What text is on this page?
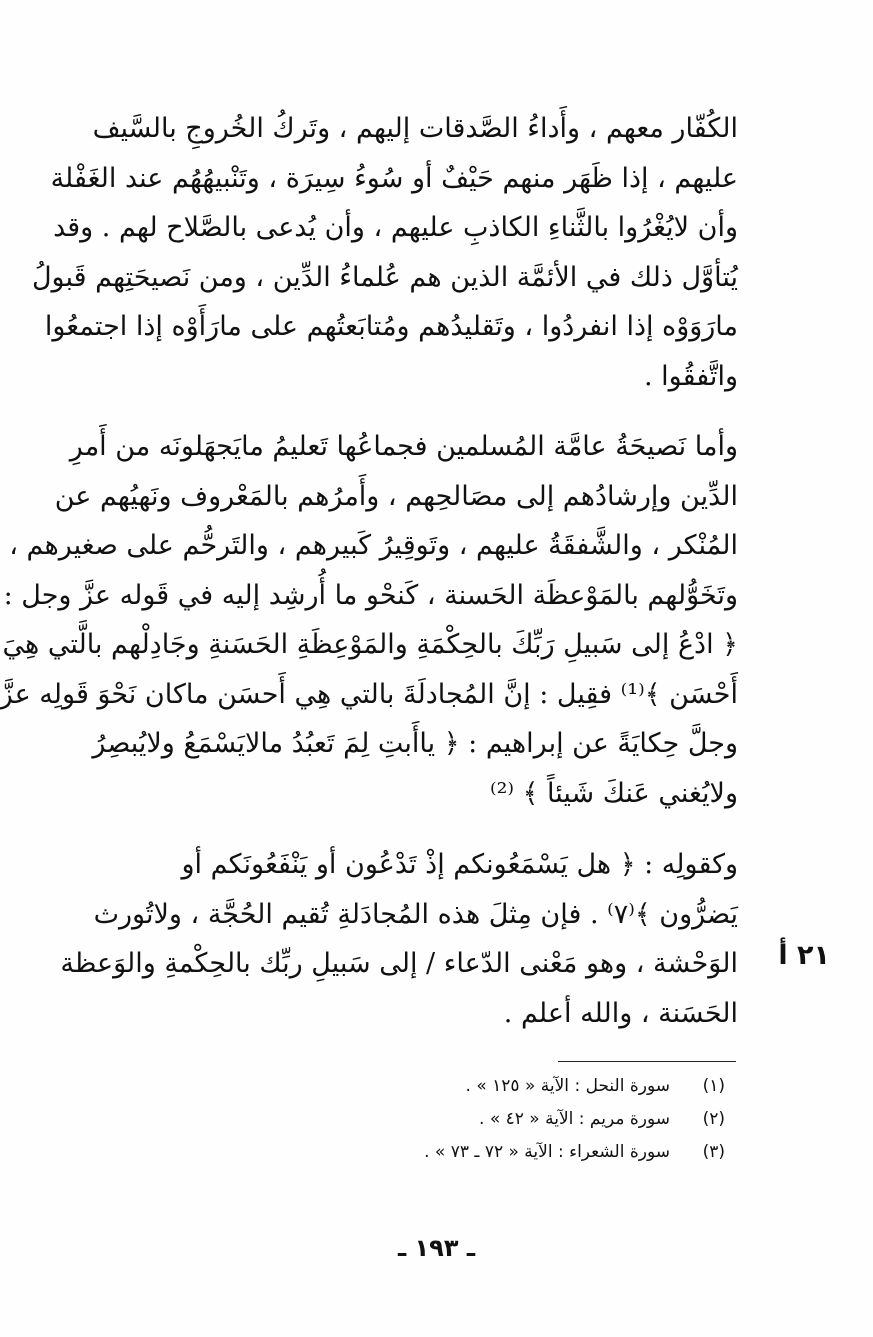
الكُفّار معهم ، وأَداءُ الصَّدقات إليهم ، وتَركُ الخُروجِ بالسَّيف
عليهم ، إذا ظَهَر منهم حَيْفٌ أو سُوءُ سِيرَة ، وتَنْبيهُهُم عند الغَفْلة
وأن لايُغْرُوا بالثَّناءِ الكاذبِ عليهم ، وأن يُدعى بالصَّلاح لهم . وقد
يُتأوَّل ذلك في الأئمَّة الذين هم عُلماءُ الدِّين ، ومن نَصيحَتِهم قَبولُ
مارَوَوْه إذا انفردُوا ، وتَقليدُهم ومُتابَعتُهم على مارَأَوْه إذا اجتمعُوا
واتَّفقُوا .
وأما نَصيحَةُ عامَّة المُسلمين فجماعُها تَعليمُ مايَجهَلونَه من أَمرِ
الدِّين وإرشادُهم إلى مصَالحِهم ، وأَمرُهم بالمَعْروف ونَهيُهم عن
المُنْكر ، والشَّفقَةُ عليهم ، وتَوقِيرُ كَبيرهم ، والتَرحُّم على صغيرهم ،
وتَخَوُّلهم بالمَوْعظَة الحَسنة ، كَنحْو ما أُرشِد إليه في قَوله عزَّ وجل :
﴿ ادْعُ إلى سَبيلِ رَبِّكَ بالحِكْمَةِ والمَوْعِظَةِ الحَسَنةِ وجَادِلْهم بالَّتي هِيَ
أَحْسَن ﴾⁽¹⁾ فقِيل : إنَّ المُجادلَةَ بالتي هِي أَحسَن ماكان نَحْوَ قَولِه عزَّ
وجلَّ حِكايَةً عن إبراهيم : ﴿ ياأَبتِ لِمَ تَعبُدُ مالايَسْمَعُ ولايُبصِرُ
ولايُغني عَنكَ شَيئاً ﴾ ⁽²⁾
وكقولِه : ﴿ هل يَسْمَعُونكم إذْ تَدْعُون أو يَنْفَعُونَكم أو
يَضرُّون ﴾⁽٧⁾ . فإن مِثلَ هذه المُجادَلةِ تُقيم الحُجَّة ، ولاتُورث
الوَحْشة ، وهو مَعْنى الدّعاء / إلى سَبيلِ ربِّك بالحِكْمةِ والوَعظة
الحَسَنة ، والله أعلم .
٢١ أ
(١)
سورة النحل : الآية « ١٢٥ » .
(٢)
سورة مريم : الآية « ٤٢ » .
(٣)
سورة الشعراء : الآية « ٧٢ ـ ٧٣ » .
ـ ١٩٣ ـ
